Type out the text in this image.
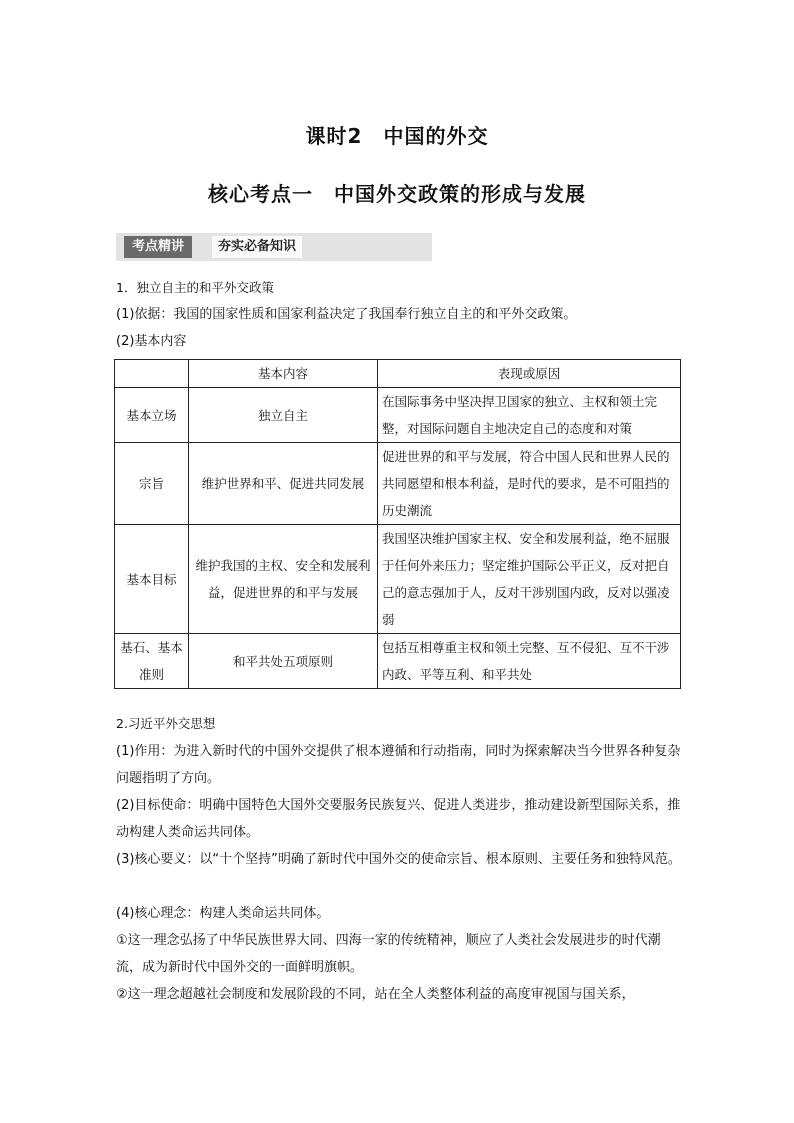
课时2　中国的外交
核心考点一　中国外交政策的形成与发展
考点精讲	夯实必备知识
1．独立自主的和平外交政策
(1)依据：我国的国家性质和国家利益决定了我国奉行独立自主的和平外交政策。
(2)基本内容
	基本内容	表现或原因
基本立场	独立自主	在国际事务中坚决捍卫国家的独立、主权和领土完整，对国际问题自主地决定自己的态度和对策
宗旨	维护世界和平、促进共同发展	促进世界的和平与发展，符合中国人民和世界人民的共同愿望和根本利益，是时代的要求，是不可阻挡的历史潮流
基本目标	维护我国的主权、安全和发展利益，促进世界的和平与发展	我国坚决维护国家主权、安全和发展利益，绝不屈服于任何外来压力；坚定维护国际公平正义，反对把自己的意志强加于人，反对干涉别国内政，反对以强凌弱
基石、基本准则	和平共处五项原则	包括互相尊重主权和领土完整、互不侵犯、互不干涉内政、平等互利、和平共处
2.习近平外交思想
(1)作用：为进入新时代的中国外交提供了根本遵循和行动指南，同时为探索解决当今世界各种复杂问题指明了方向。
(2)目标使命：明确中国特色大国外交要服务民族复兴、促进人类进步，推动建设新型国际关系，推动构建人类命运共同体。
(3)核心要义：以“十个坚持”明确了新时代中国外交的使命宗旨、根本原则、主要任务和独特风范。
(4)核心理念：构建人类命运共同体。
①这一理念弘扬了中华民族世界大同、四海一家的传统精神，顺应了人类社会发展进步的时代潮流，成为新时代中国外交的一面鲜明旗帜。
②这一理念超越社会制度和发展阶段的不同，站在全人类整体利益的高度审视国与国关系，
